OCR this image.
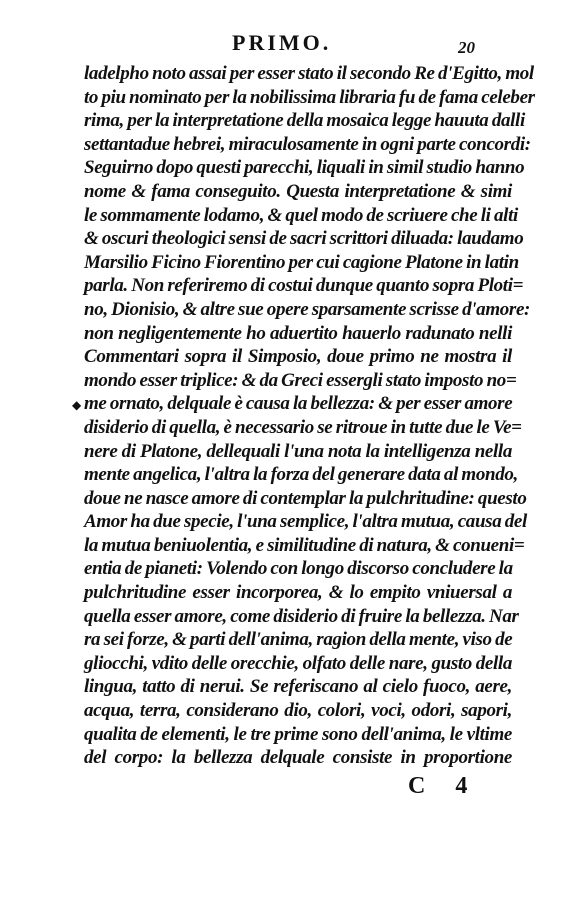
PRIMO.	20
◆
ladelpho noto assai per esser stato il secondo Re d'Egitto, mol
to piu nominato per la nobilissima libraria fu de fama celeber
rima, per la interpretatione della mosaica legge hauuta dalli
settantadue hebrei, miraculosamente in ogni parte concordi:
Seguirno dopo questi parecchi, liquali in simil studio hanno
nome & fama conseguito. Questa interpretatione & simi
le sommamente lodamo, & quel modo de scriuere che li alti
& oscuri theologici sensi de sacri scrittori diluada: laudamo
Marsilio Ficino Fiorentino per cui cagione Platone in latin
parla. Non referiremo di costui dunque quanto sopra Ploti=
no, Dionisio, & altre sue opere sparsamente scrisse d'amore:
non negligentemente ho aduertito hauerlo radunato nelli
Commentari sopra il Simposio, doue primo ne mostra il
mondo esser triplice: & da Greci essergli stato imposto no=
me ornato, delquale è causa la bellezza: & per esser amore
disiderio di quella, è necessario se ritroue in tutte due le Ve=
nere di Platone, dellequali l'una nota la intelligenza nella
mente angelica, l'altra la forza del generare data al mondo,
doue ne nasce amore di contemplar la pulchritudine: questo
Amor ha due specie, l'una semplice, l'altra mutua, causa del
la mutua beniuolentia, e similitudine di natura, & conueni=
entia de pianeti: Volendo con longo discorso concludere la
pulchritudine esser incorporea, & lo empito vniuersal a
quella esser amore, come disiderio di fruire la bellezza. Nar
ra sei forze, & parti dell'anima, ragion della mente, viso de
gliocchi, vdito delle orecchie, olfato delle nare, gusto della
lingua, tatto di nerui. Se referiscano al cielo fuoco, aere,
acqua, terra, considerano dio, colori, voci, odori, sapori,
qualita de elementi, le tre prime sono dell'anima, le vltime
del corpo: la bellezza delquale consiste in proportione
C 4
